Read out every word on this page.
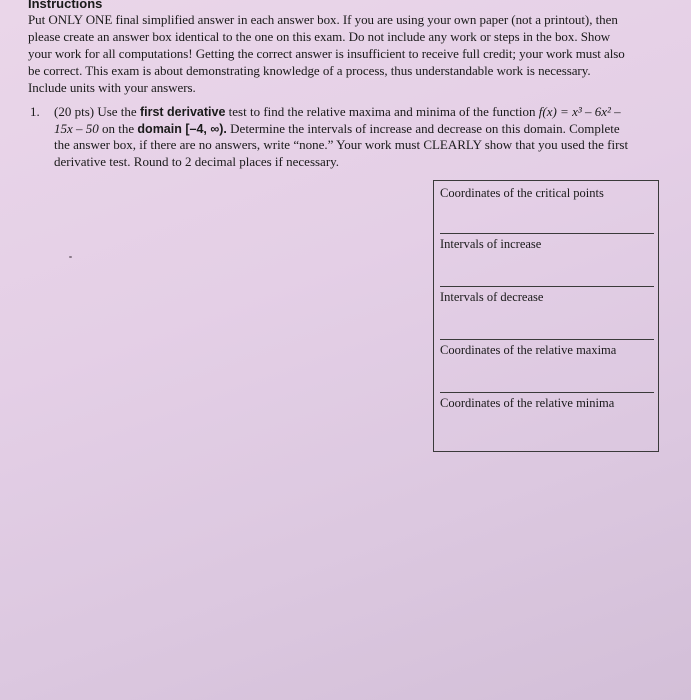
Instructions
Put ONLY ONE final simplified answer in each answer box. If you are using your own paper (not a printout), then please create an answer box identical to the one on this exam. Do not include any work or steps in the box. Show your work for all computations! Getting the correct answer is insufficient to receive full credit; your work must also be correct. This exam is about demonstrating knowledge of a process, thus understandable work is necessary. Include units with your answers.
1. (20 pts) Use the first derivative test to find the relative maxima and minima of the function f(x) = x³ – 6x² – 15x – 50 on the domain [–4, ∞). Determine the intervals of increase and decrease on this domain. Complete the answer box, if there are no answers, write “none.” Your work must CLEARLY show that you used the first derivative test. Round to 2 decimal places if necessary.
Coordinates of the critical points
Intervals of increase
Intervals of decrease
Coordinates of the relative maxima
Coordinates of the relative minima
